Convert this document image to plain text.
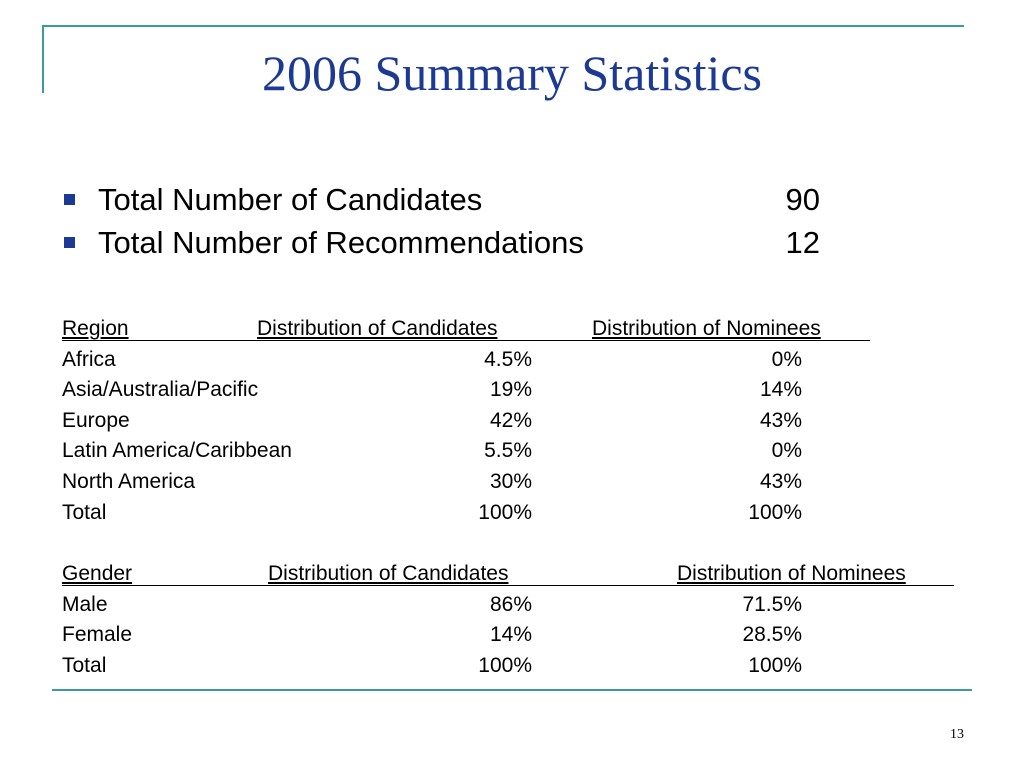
2006 Summary Statistics
Total Number of Candidates	90
Total Number of Recommendations	12
Region	Distribution of Candidates	Distribution of Nominees
Africa	4.5%	0%
Asia/Australia/Pacific	19%	14%
Europe	42%	43%
Latin America/Caribbean	5.5%	0%
North America	30%	43%
Total	100%	100%
Gender	Distribution of Candidates	Distribution of Nominees
Male	86%	71.5%
Female	14%	28.5%
Total	100%	100%
13
